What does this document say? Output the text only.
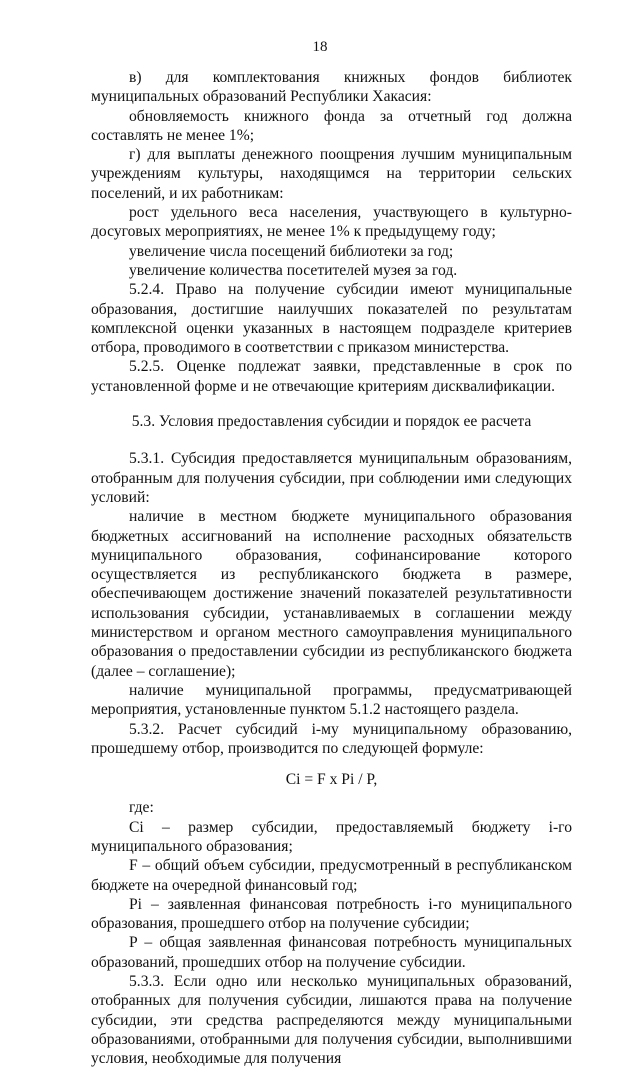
18

в) для комплектования книжных фондов библиотек муниципальных образований Республики Хакасия:

обновляемость книжного фонда за отчетный год должна составлять не менее 1%;

г) для выплаты денежного поощрения лучшим муниципальным учреждениям культуры, находящимся на территории сельских поселений, и их работникам:

рост удельного веса населения, участвующего в культурно-досуговых мероприятиях, не менее 1% к предыдущему году;

увеличение числа посещений библиотеки за год;

увеличение количества посетителей музея за год.

5.2.4. Право на получение субсидии имеют муниципальные образования, достигшие наилучших показателей по результатам комплексной оценки указанных в настоящем подразделе критериев отбора, проводимого в соответствии с приказом министерства.

5.2.5. Оценке подлежат заявки, представленные в срок по установленной форме и не отвечающие критериям дисквалификации.

5.3. Условия предоставления субсидии и порядок ее расчета

5.3.1. Субсидия предоставляется муниципальным образованиям, отобранным для получения субсидии, при соблюдении ими следующих условий:

наличие в местном бюджете муниципального образования бюджетных ассигнований на исполнение расходных обязательств муниципального образования, софинансирование которого осуществляется из республиканского бюджета в размере, обеспечивающем достижение значений показателей результативности использования субсидии, устанавливаемых в соглашении между министерством и органом местного самоуправления муниципального образования о предоставлении субсидии из республиканского бюджета (далее – соглашение);

наличие муниципальной программы, предусматривающей мероприятия, установленные пунктом 5.1.2 настоящего раздела.

5.3.2. Расчет субсидий i-му муниципальному образованию, прошедшему отбор, производится по следующей формуле:

Ci = F x Pi / P,

где:

Ci – размер субсидии, предоставляемый бюджету i-го муниципального образования;

F – общий объем субсидии, предусмотренный в республиканском бюджете на очередной финансовый год;

Pi – заявленная финансовая потребность i-го муниципального образования, прошедшего отбор на получение субсидии;

P – общая заявленная финансовая потребность муниципальных образований, прошедших отбор на получение субсидии.

5.3.3. Если одно или несколько муниципальных образований, отобранных для получения субсидии, лишаются права на получение субсидии, эти средства распределяются между муниципальными образованиями, отобранными для получения субсидии, выполнившими условия, необходимые для получения
